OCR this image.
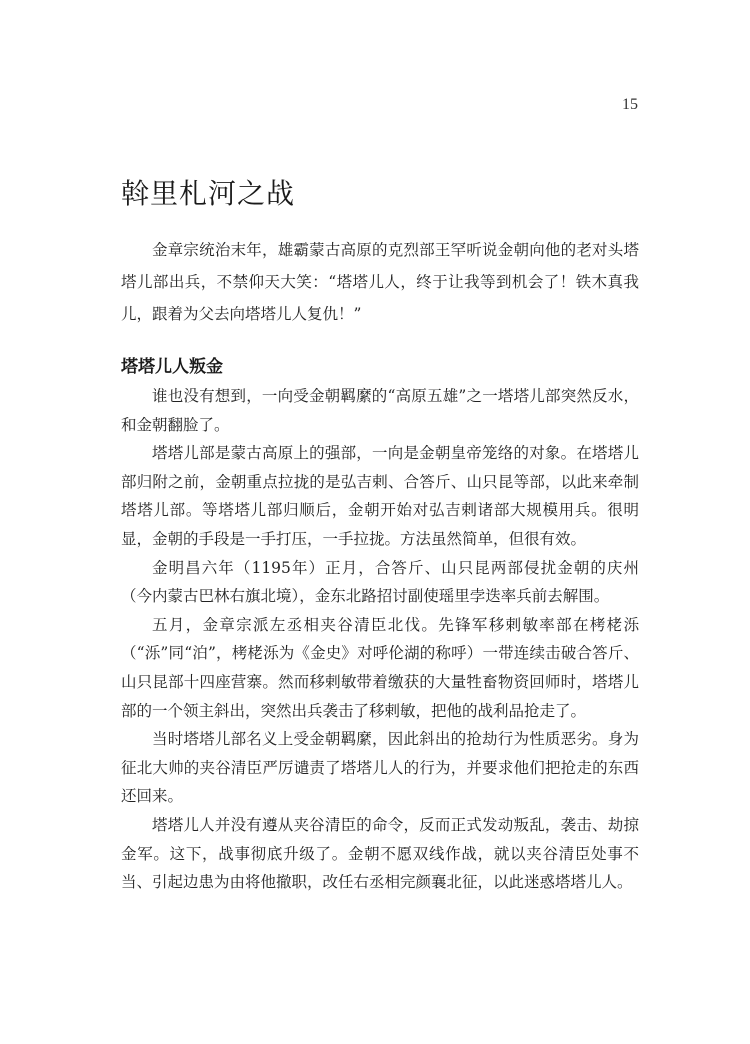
15
斡里札河之战

金章宗统治末年，雄霸蒙古高原的克烈部王罕听说金朝向他的老对头塔塔儿部出兵，不禁仰天大笑：“塔塔儿人，终于让我等到机会了！铁木真我儿，跟着为父去向塔塔儿人复仇！”

塔塔儿人叛金

谁也没有想到，一向受金朝羁縻的“高原五雄”之一塔塔儿部突然反水，和金朝翻脸了。

塔塔儿部是蒙古高原上的强部，一向是金朝皇帝笼络的对象。在塔塔儿部归附之前，金朝重点拉拢的是弘吉剌、合答斤、山只昆等部，以此来牵制塔塔儿部。等塔塔儿部归顺后，金朝开始对弘吉剌诸部大规模用兵。很明显，金朝的手段是一手打压，一手拉拢。方法虽然简单，但很有效。

金明昌六年（1195年）正月，合答斤、山只昆两部侵扰金朝的庆州（今内蒙古巴林右旗北境），金东北路招讨副使瑶里孛迭率兵前去解围。

五月，金章宗派左丞相夹谷清臣北伐。先锋军移剌敏率部在栲栳泺（“泺”同“泊”，栲栳泺为《金史》对呼伦湖的称呼）一带连续击破合答斤、山只昆部十四座营寨。然而移剌敏带着缴获的大量牲畜物资回师时，塔塔儿部的一个领主斜出，突然出兵袭击了移剌敏，把他的战利品抢走了。

当时塔塔儿部名义上受金朝羁縻，因此斜出的抢劫行为性质恶劣。身为征北大帅的夹谷清臣严厉谴责了塔塔儿人的行为，并要求他们把抢走的东西还回来。

塔塔儿人并没有遵从夹谷清臣的命令，反而正式发动叛乱，袭击、劫掠金军。这下，战事彻底升级了。金朝不愿双线作战，就以夹谷清臣处事不当、引起边患为由将他撤职，改任右丞相完颜襄北征，以此迷惑塔塔儿人。
